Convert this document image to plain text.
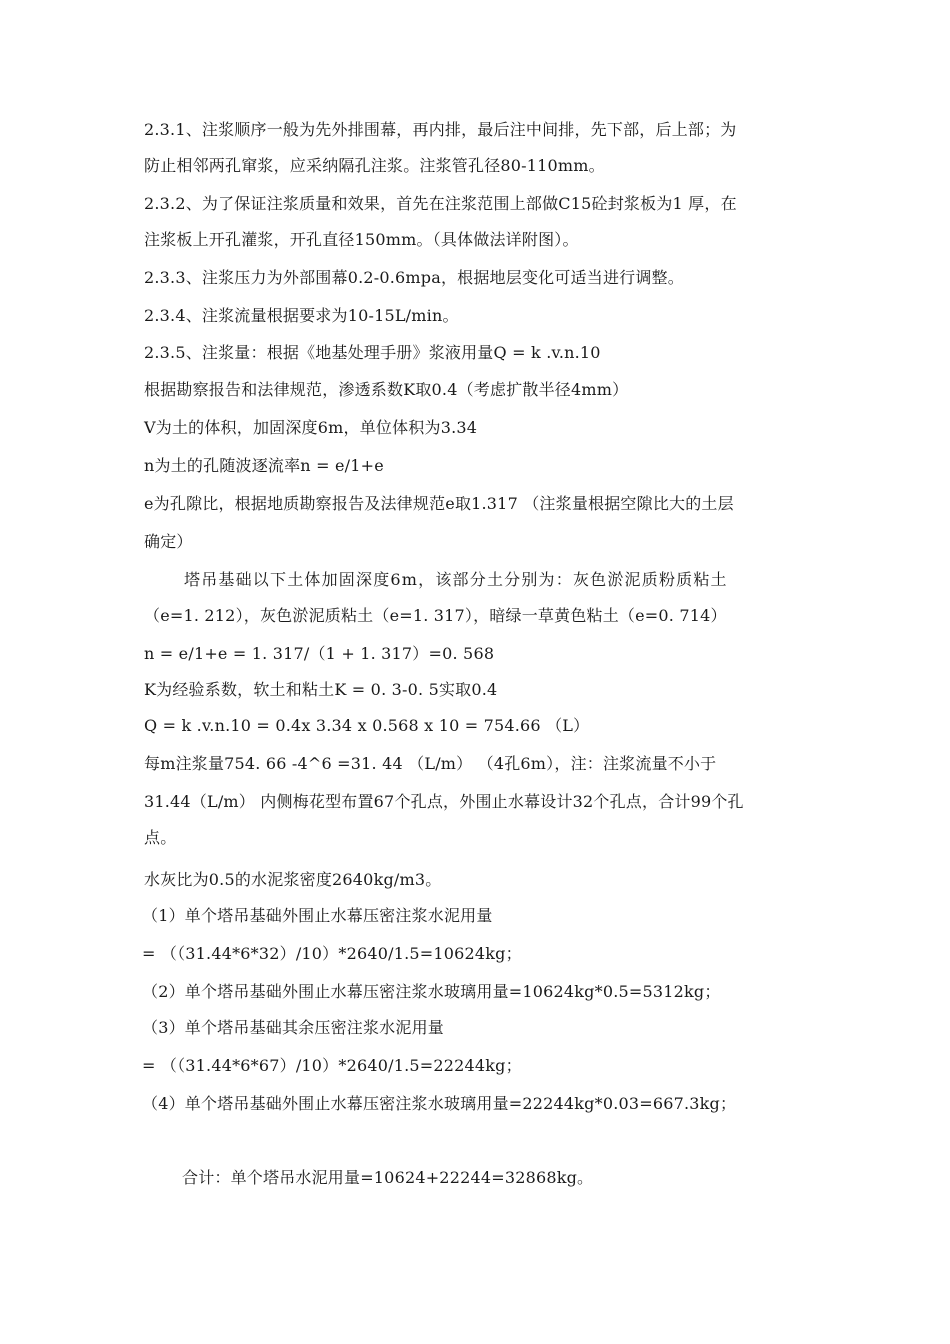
2.3.1、注浆顺序一般为先外排围幕，再内排，最后注中间排，先下部，后上部；为
防止相邻两孔窜浆，应采纳隔孔注浆。注浆管孔径80-110mm。
2.3.2、为了保证注浆质量和效果，首先在注浆范围上部做C15砼封浆板为1 厚，在
注浆板上开孔灌浆，开孔直径150mm。（具体做法详附图）。
2.3.3、注浆压力为外部围幕0.2-0.6mpa，根据地层变化可适当进行调整。
2.3.4、注浆流量根据要求为10-15L/min。
2.3.5、注浆量：根据《地基处理手册》浆液用量Q = k .v.n.10
根据勘察报告和法律规范，渗透系数K取0.4（考虑扩散半径4mm）
V为土的体积，加固深度6m，单位体积为3.34
n为土的孔随波逐流率n = e/1+e
e为孔隙比，根据地质勘察报告及法律规范e取1.317 （注浆量根据空隙比大的土层
确定）
塔吊基础以下土体加固深度6m，该部分土分别为：灰色淤泥质粉质粘土
（e=1. 212），灰色淤泥质粘土（e=1. 317），暗绿一草黄色粘土（e=0. 714）
n = e/1+e = 1. 317/（1 + 1. 317）=0. 568
K为经验系数，软土和粘土K = 0. 3-0. 5实取0.4
Q = k .v.n.10 = 0.4x 3.34 x 0.568 x 10 = 754.66 （L）
每m注浆量754. 66 -4^6 =31. 44 （L/m） （4孔6m），注：注浆流量不小于
31.44（L/m） 内侧梅花型布置67个孔点，外围止水幕设计32个孔点，合计99个孔
点。
水灰比为0.5的水泥浆密度2640kg/m3。
（1）单个塔吊基础外围止水幕压密注浆水泥用量
= （（31.44*6*32）/10）*2640/1.5=10624kg；
（2）单个塔吊基础外围止水幕压密注浆水玻璃用量=10624kg*0.5=5312kg；
（3）单个塔吊基础其余压密注浆水泥用量
= （（31.44*6*67）/10）*2640/1.5=22244kg；
（4）单个塔吊基础外围止水幕压密注浆水玻璃用量=22244kg*0.03=667.3kg；
合计：单个塔吊水泥用量=10624+22244=32868kg。
